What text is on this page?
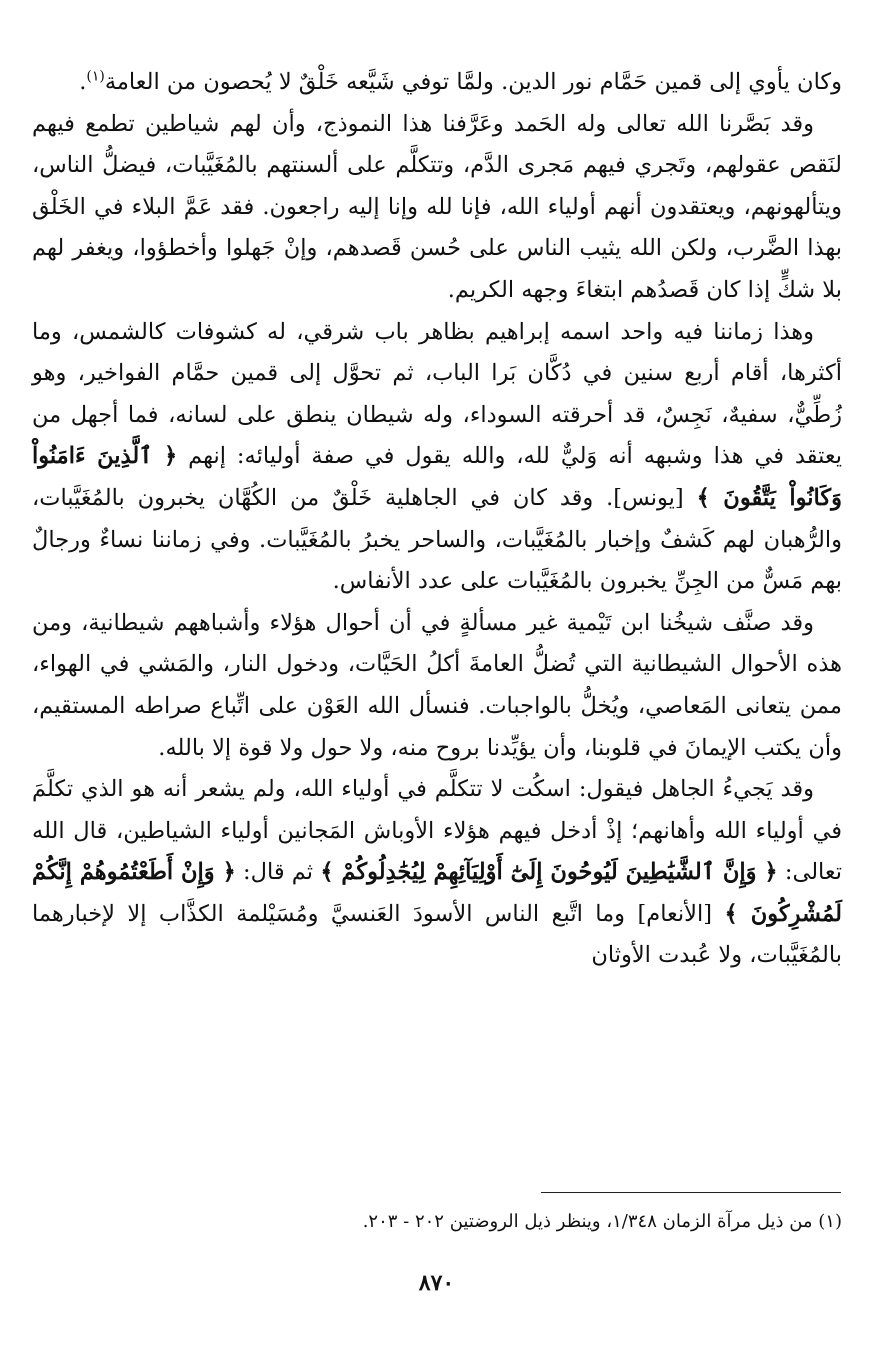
وكان يأوي إلى قمين حَمَّام نور الدين. ولمَّا توفي شَيَّعه خَلْقٌ لا يُحصون من العامة$^{(١)}$.

وقد بَصَّرنا الله تعالى وله الحَمد وعَرَّفنا هذا النموذج، وأن لهم شياطين تطمع فيهم لنَقص عقولهم، وتَجري فيهم مَجرى الدَّم، وتتكلَّم على ألسنتهم بالمُغَيَّبات، فيضلُّ الناس، ويتألهونهم، ويعتقدون أنهم أولياء الله، فإنا لله وإنا إليه راجعون. فقد عَمَّ البلاء في الخَلْق بهذا الضَّرب، ولكن الله يثيب الناس على حُسن قَصدهم، وإنْ جَهلوا وأخطؤوا، ويغفر لهم بلا شكٍّ إذا كان قَصدُهم ابتغاءَ وجهه الكريم.

وهذا زماننا فيه واحد اسمه إبراهيم بظاهر باب شرقي، له كشوفات كالشمس، وما أكثرها، أقام أربع سنين في دُكَّان بَرا الباب، ثم تحوَّل إلى قمين حمَّام الفواخير، وهو زُطِّيٌّ، سفيهٌ، نَجِسٌ، قد أحرقته السوداء، وله شيطان ينطق على لسانه، فما أجهل من يعتقد في هذا وشبهه أنه وَليٌّ لله، والله يقول في صفة أوليائه: إنهم ﴿ ٱلَّذِينَ ءَامَنُواْ وَكَانُواْ يَتَّقُونَ ﴾ [يونس]. وقد كان في الجاهلية خَلْقٌ من الكُهَّان يخبرون بالمُغَيَّبات، والرُّهبان لهم كَشفٌ وإخبار بالمُغَيَّبات، والساحر يخبرُ بالمُغَيَّبات. وفي زماننا نساءٌ ورجالٌ بهم مَسٌّ من الجِنِّ يخبرون بالمُغَيَّبات على عدد الأنفاس.

وقد صنَّف شيخُنا ابن تَيْمية غير مسألةٍ في أن أحوال هؤلاء وأشباههم شيطانية، ومن هذه الأحوال الشيطانية التي تُضلُّ العامةَ أكلُ الحَيَّات، ودخول النار، والمَشي في الهواء، ممن يتعانى المَعاصي، ويُخلُّ بالواجبات. فنسأل الله العَوْن على اتِّباع صراطه المستقيم، وأن يكتب الإيمانَ في قلوبنا، وأن يؤيِّدنا بروح منه، ولا حول ولا قوة إلا بالله.

وقد يَجيءُ الجاهل فيقول: اسكُت لا تتكلَّم في أولياء الله، ولم يشعر أنه هو الذي تكلَّمَ في أولياء الله وأهانهم؛ إذْ أدخل فيهم هؤلاء الأوباش المَجانين أولياء الشياطين، قال الله تعالى: ﴿ وَإِنَّ ٱلشَّيَٰطِينَ لَيُوحُونَ إِلَىٰٓ أَوْلِيَآئِهِمْ لِيُجَٰدِلُوكُمْ ﴾ ثم قال: ﴿ وَإِنْ أَطَعْتُمُوهُمْ إِنَّكُمْ لَمُشْرِكُونَ ﴾ [الأنعام] وما اتَّبع الناس الأسودَ العَنسيَّ ومُسَيْلمة الكذَّاب إلا لإخبارهما بالمُغَيَّبات، ولا عُبدت الأوثان

(١) من ذيل مرآة الزمان ١/٣٤٨، وينظر ذيل الروضتين ٢٠٢ - ٢٠٣.
٨٧٠
